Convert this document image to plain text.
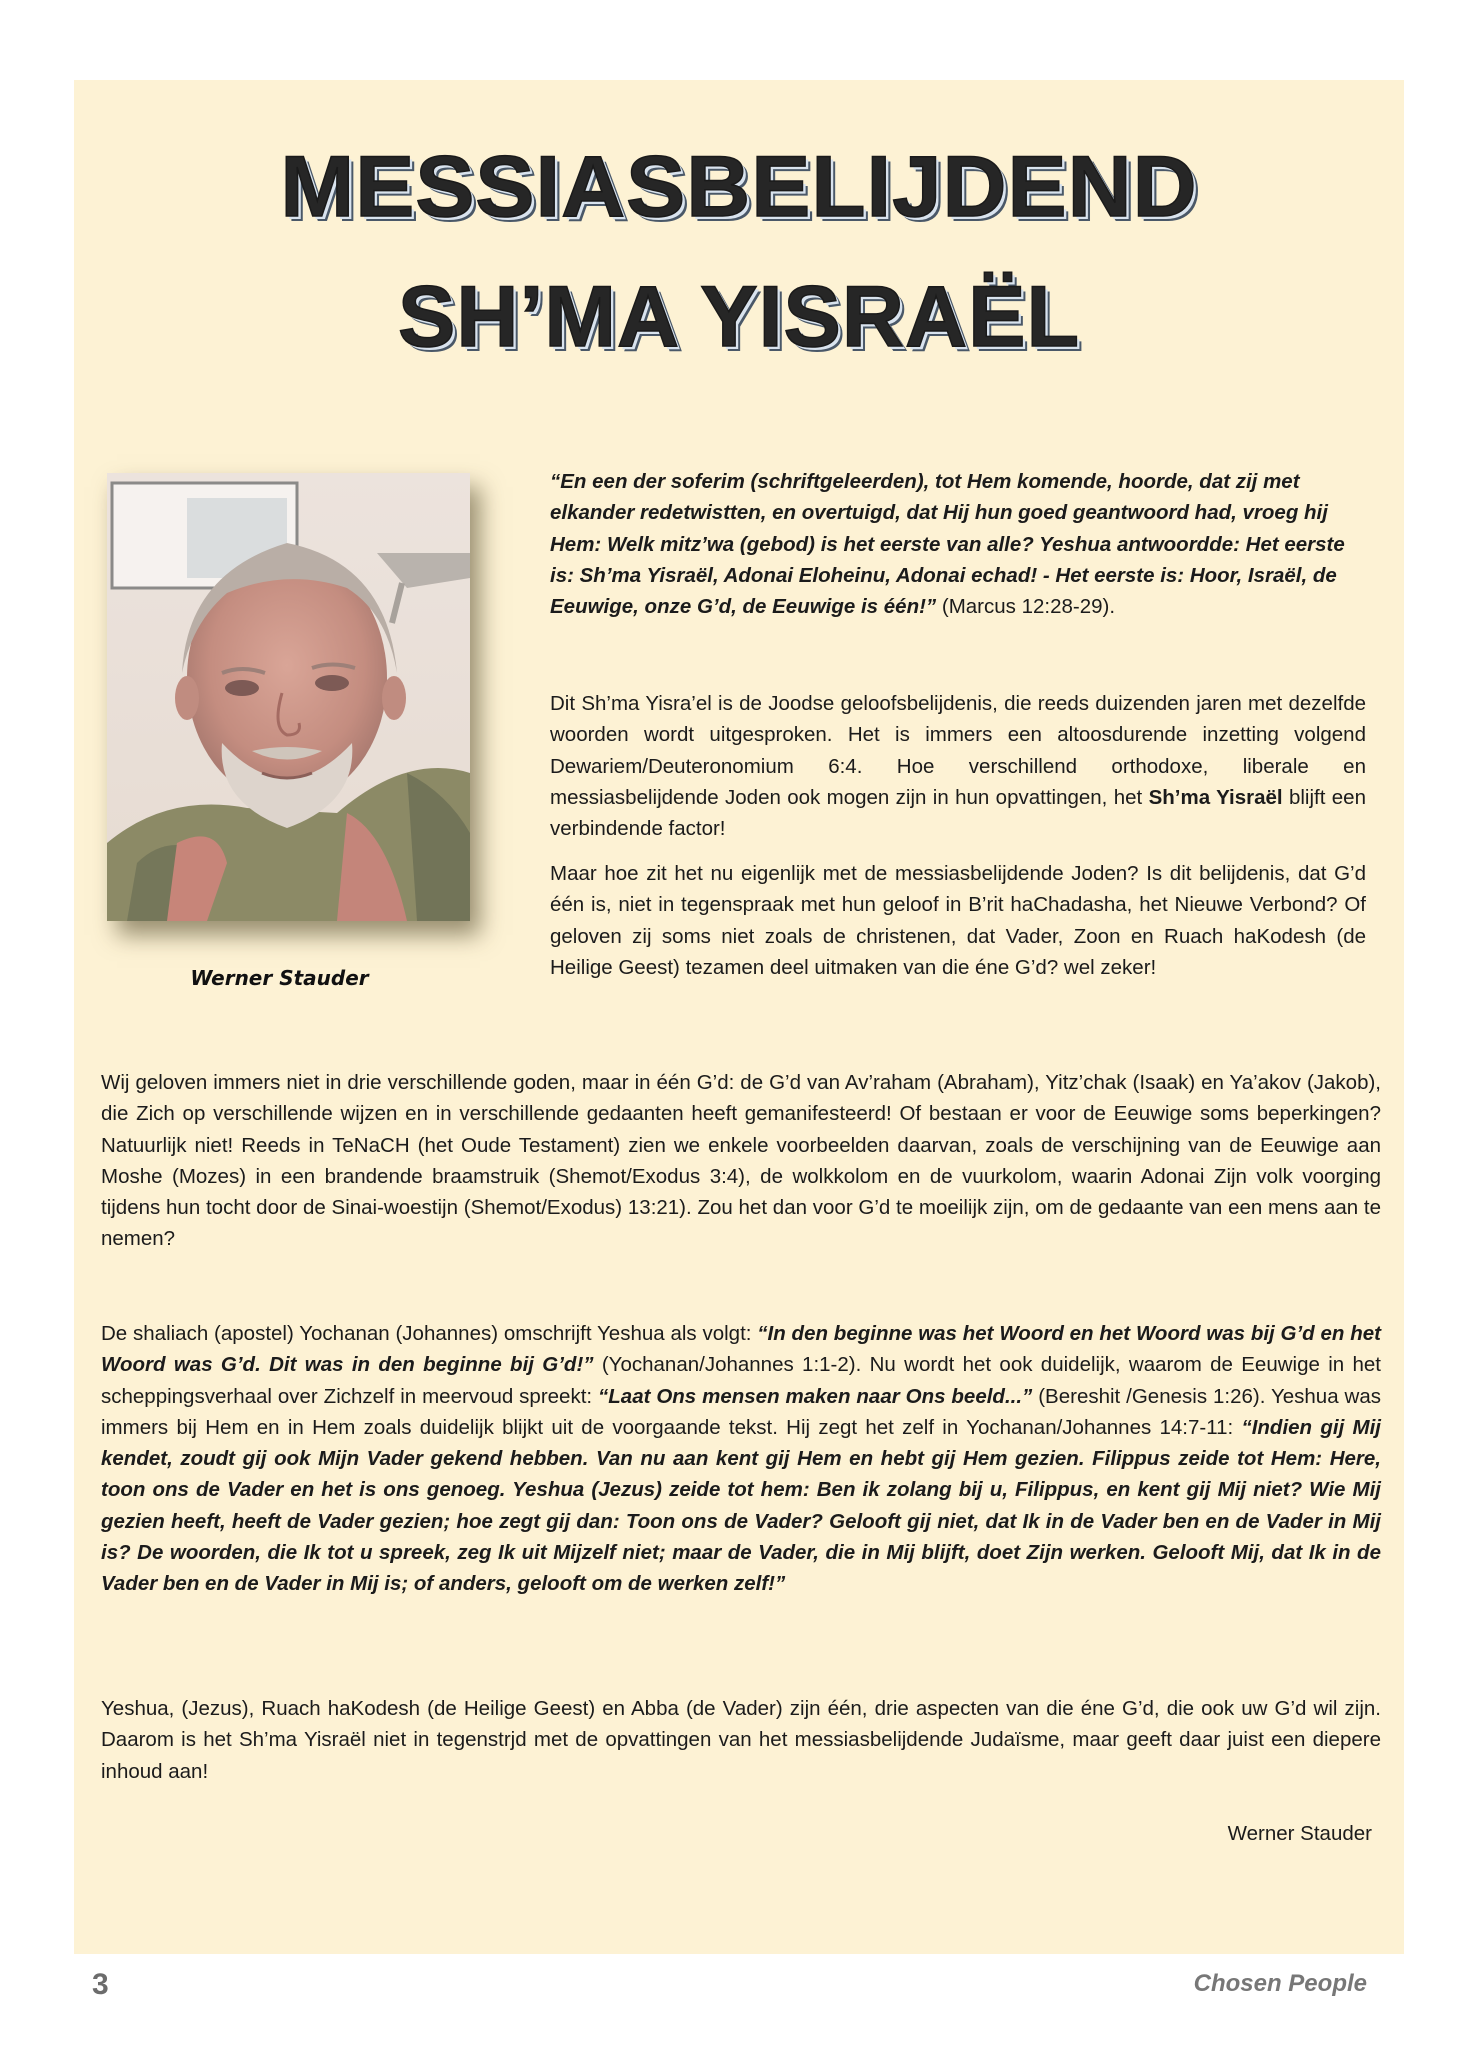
MESSIASBELIJDEND
SH’MA YISRAËL
Werner Stauder

“En een der soferim (schriftgeleerden), tot Hem komende, hoorde, dat zij met elkander redetwistten, en overtuigd, dat Hij hun goed geantwoord had, vroeg hij Hem: Welk mitz’wa (gebod) is het eerste van alle? Yeshua antwoordde: Het eerste is: Sh’ma Yisraël, Adonai Eloheinu, Adonai echad! - Het eerste is: Hoor, Israël, de Eeuwige, onze G’d, de Eeuwige is één!” (Marcus 12:28-29).

Dit Sh’ma Yisra’el is de Joodse geloofsbelijdenis, die reeds duizenden jaren met dezelfde woorden wordt uitgesproken. Het is immers een altoosdurende inzetting volgend Dewariem/Deuteronomium 6:4. Hoe verschillend orthodoxe, liberale en messiasbelijdende Joden ook mogen zijn in hun opvattingen, het Sh’ma Yisraël blijft een verbindende factor!

Maar hoe zit het nu eigenlijk met de messiasbelijdende Joden? Is dit belijdenis, dat G’d één is, niet in tegenspraak met hun geloof in B’rit haChadasha, het Nieuwe Verbond? Of geloven zij soms niet zoals de christenen, dat Vader, Zoon en Ruach haKodesh (de Heilige Geest) tezamen deel uitmaken van die éne G’d? wel zeker!

Wij geloven immers niet in drie verschillende goden, maar in één G’d: de G’d van Av’raham (Abraham), Yitz’chak (Isaak) en Ya’akov (Jakob), die Zich op verschillende wijzen en in verschillende gedaanten heeft gemanifesteerd! Of bestaan er voor de Eeuwige soms beperkingen? Natuurlijk niet! Reeds in TeNaCH (het Oude Testament) zien we enkele voorbeelden daarvan, zoals de verschijning van de Eeuwige aan Moshe (Mozes) in een brandende braamstruik (Shemot/Exodus 3:4), de wolkkolom en de vuurkolom, waarin Adonai Zijn volk voorging tijdens hun tocht door de Sinai-woestijn (Shemot/Exodus) 13:21). Zou het dan voor G’d te moeilijk zijn, om de gedaante van een mens aan te nemen?

De shaliach (apostel) Yochanan (Johannes) omschrijft Yeshua als volgt: “In den beginne was het Woord en het Woord was bij G’d en het Woord was G’d. Dit was in den beginne bij G’d!” (Yochanan/Johannes 1:1-2). Nu wordt het ook duidelijk, waarom de Eeuwige in het scheppingsverhaal over Zichzelf in meervoud spreekt: “Laat Ons mensen maken naar Ons beeld...” (Bereshit /Genesis 1:26). Yeshua was immers bij Hem en in Hem zoals duidelijk blijkt uit de voorgaande tekst. Hij zegt het zelf in Yochanan/Johannes 14:7-11: “Indien gij Mij kendet, zoudt gij ook Mijn Vader gekend hebben. Van nu aan kent gij Hem en hebt gij Hem gezien. Filippus zeide tot Hem: Here, toon ons de Vader en het is ons genoeg. Yeshua (Jezus) zeide tot hem: Ben ik zolang bij u, Filippus, en kent gij Mij niet? Wie Mij gezien heeft, heeft de Vader gezien; hoe zegt gij dan: Toon ons de Vader? Gelooft gij niet, dat Ik in de Vader ben en de Vader in Mij is? De woorden, die Ik tot u spreek, zeg Ik uit Mijzelf niet; maar de Vader, die in Mij blijft, doet Zijn werken. Gelooft Mij, dat Ik in de Vader ben en de Vader in Mij is; of anders, gelooft om de werken zelf!”

Yeshua, (Jezus), Ruach haKodesh (de Heilige Geest) en Abba (de Vader) zijn één, drie aspecten van die éne G’d, die ook uw G’d wil zijn. Daarom is het Sh’ma Yisraël niet in tegenstrjd met de opvattingen van het messiasbelijdende Judaïsme, maar geeft daar juist een diepere inhoud aan!

Werner Stauder
3	Chosen People
